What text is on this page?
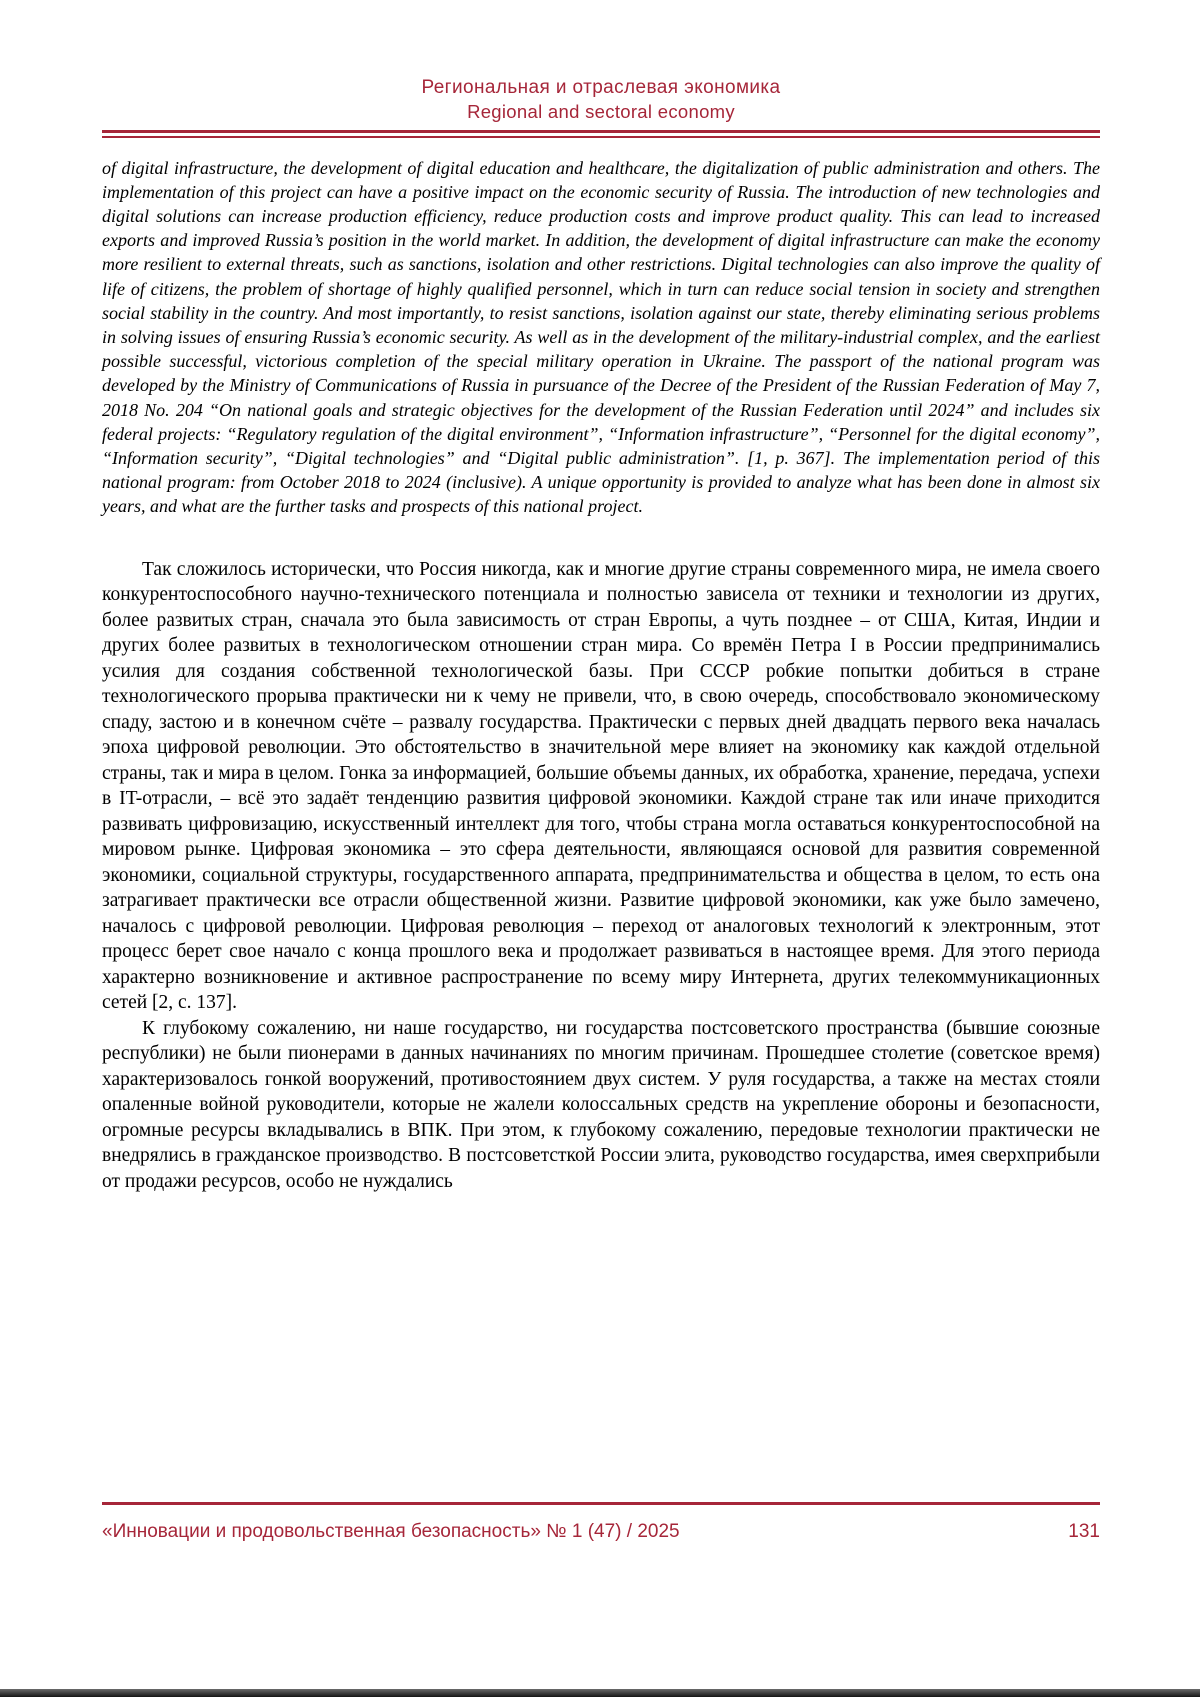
Региональная и отраслевая экономика
Regional and sectoral economy

of digital infrastructure, the development of digital education and healthcare, the digitalization of public administration and others. The implementation of this project can have a positive impact on the economic security of Russia. The introduction of new technologies and digital solutions can increase production efficiency, reduce production costs and improve product quality. This can lead to increased exports and improved Russia’s position in the world market. In addition, the development of digital infrastructure can make the economy more resilient to external threats, such as sanctions, isolation and other restrictions. Digital technologies can also improve the quality of life of citizens, the problem of shortage of highly qualified personnel, which in turn can reduce social tension in society and strengthen social stability in the country. And most importantly, to resist sanctions, isolation against our state, thereby eliminating serious problems in solving issues of ensuring Russia’s economic security. As well as in the development of the military-industrial complex, and the earliest possible successful, victorious completion of the special military operation in Ukraine. The passport of the national program was developed by the Ministry of Communications of Russia in pursuance of the Decree of the President of the Russian Federation of May 7, 2018 No. 204 “On national goals and strategic objectives for the development of the Russian Federation until 2024” and includes six federal projects: “Regulatory regulation of the digital environment”, “Information infrastructure”, “Personnel for the digital economy”, “Information security”, “Digital technologies” and “Digital public administration”. [1, p. 367]. The implementation period of this national program: from October 2018 to 2024 (inclusive). A unique opportunity is provided to analyze what has been done in almost six years, and what are the further tasks and prospects of this national project.

Так сложилось исторически, что Россия никогда, как и многие другие страны современного мира, не имела своего конкурентоспособного научно-технического потенциала и полностью зависела от техники и технологии из других, более развитых стран, сначала это была зависимость от стран Европы, а чуть позднее – от США, Китая, Индии и других более развитых в технологическом отношении стран мира. Со времён Петра I в России предпринимались усилия для создания собственной технологической базы. При СССР робкие попытки добиться в стране технологического прорыва практически ни к чему не привели, что, в свою очередь, способствовало экономическому спаду, застою и в конечном счёте – развалу государства. Практически с первых дней двадцать первого века началась эпоха цифровой революции. Это обстоятельство в значительной мере влияет на экономику как каждой отдельной страны, так и мира в целом. Гонка за информацией, большие объемы данных, их обработка, хранение, передача, успехи в IT-отрасли, – всё это задаёт тенденцию развития цифровой экономики. Каждой стране так или иначе приходится развивать цифровизацию, искусственный интеллект для того, чтобы страна могла оставаться конкурентоспособной на мировом рынке. Цифровая экономика – это сфера деятельности, являющаяся основой для развития современной экономики, социальной структуры, государственного аппарата, предпринимательства и общества в целом, то есть она затрагивает практически все отрасли общественной жизни. Развитие цифровой экономики, как уже было замечено, началось с цифровой революции. Цифровая революция – переход от аналоговых технологий к электронным, этот процесс берет свое начало с конца прошлого века и продолжает развиваться в настоящее время. Для этого периода характерно возникновение и активное распространение по всему миру Интернета, других телекоммуникационных сетей [2, с. 137].

К глубокому сожалению, ни наше государство, ни государства постсоветского пространства (бывшие союзные республики) не были пионерами в данных начинаниях по многим причинам. Прошедшее столетие (советское время) характеризовалось гонкой вооружений, противостоянием двух систем. У руля государства, а также на местах стояли опаленные войной руководители, которые не жалели колоссальных средств на укрепление обороны и безопасности, огромные ресурсы вкладывались в ВПК. При этом, к глубокому сожалению, передовые технологии практически не внедрялись в гражданское производство. В постсоветсткой России элита, руководство государства, имея сверхприбыли от продажи ресурсов, особо не нуждались

«Инновации и продовольственная безопасность» № 1 (47) / 2025	131
